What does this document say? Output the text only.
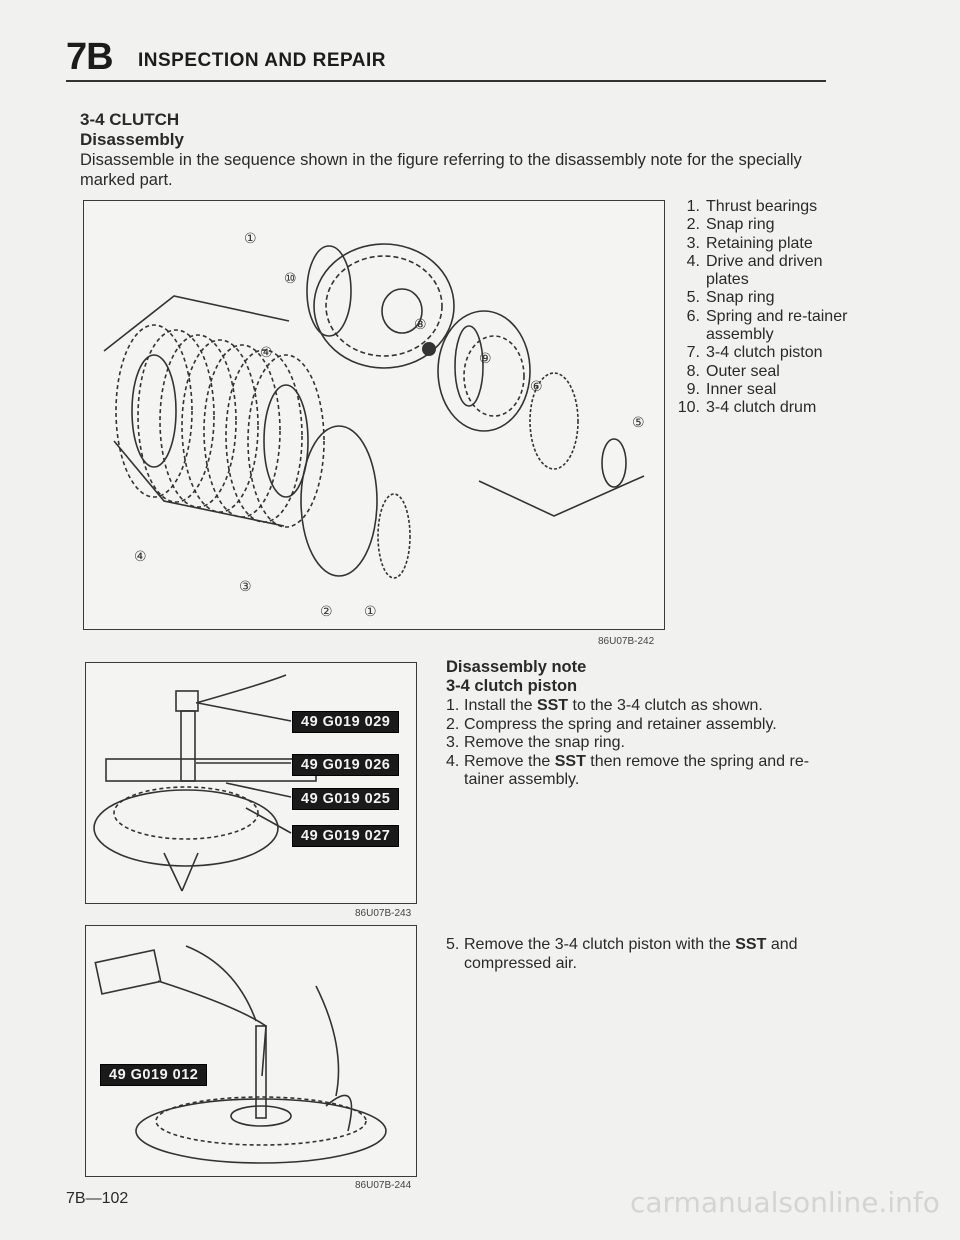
7B INSPECTION AND REPAIR
3-4 CLUTCH
Disassembly
Disassemble in the sequence shown in the figure referring to the disassembly note for the specially marked part.
①
⑩
⑧
⑨
⑥
⑤
④
④
③
② ①
86U07B-242
1. Thrust bearings
2. Snap ring
3. Retaining plate
4. Drive and driven plates
5. Snap ring
6. Spring and re-tainer assembly
7. 3-4 clutch piston
8. Outer seal
9. Inner seal
10. 3-4 clutch drum
49 G019 029
49 G019 026
49 G019 025
49 G019 027
86U07B-243
Disassembly note
3-4 clutch piston
1. Install the SST to the 3-4 clutch as shown.
2. Compress the spring and retainer assembly.
3. Remove the snap ring.
4. Remove the SST then remove the spring and re-tainer assembly.
49 G019 012
86U07B-244
5. Remove the 3-4 clutch piston with the SST and compressed air.
7B—102	carmanualsonline.info
